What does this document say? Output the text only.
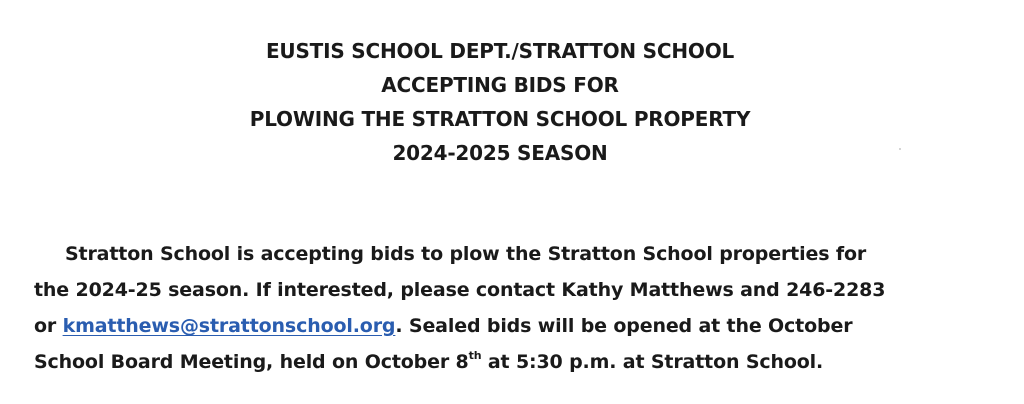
EUSTIS SCHOOL DEPT./STRATTON SCHOOL
ACCEPTING BIDS FOR
PLOWING THE STRATTON SCHOOL PROPERTY
2024-2025 SEASON
Stratton School is accepting bids to plow the Stratton School properties for
the 2024-25 season. If interested, please contact Kathy Matthews and 246-2283
or kmatthews@strattonschool.org. Sealed bids will be opened at the October
School Board Meeting, held on October 8th at 5:30 p.m. at Stratton School.
